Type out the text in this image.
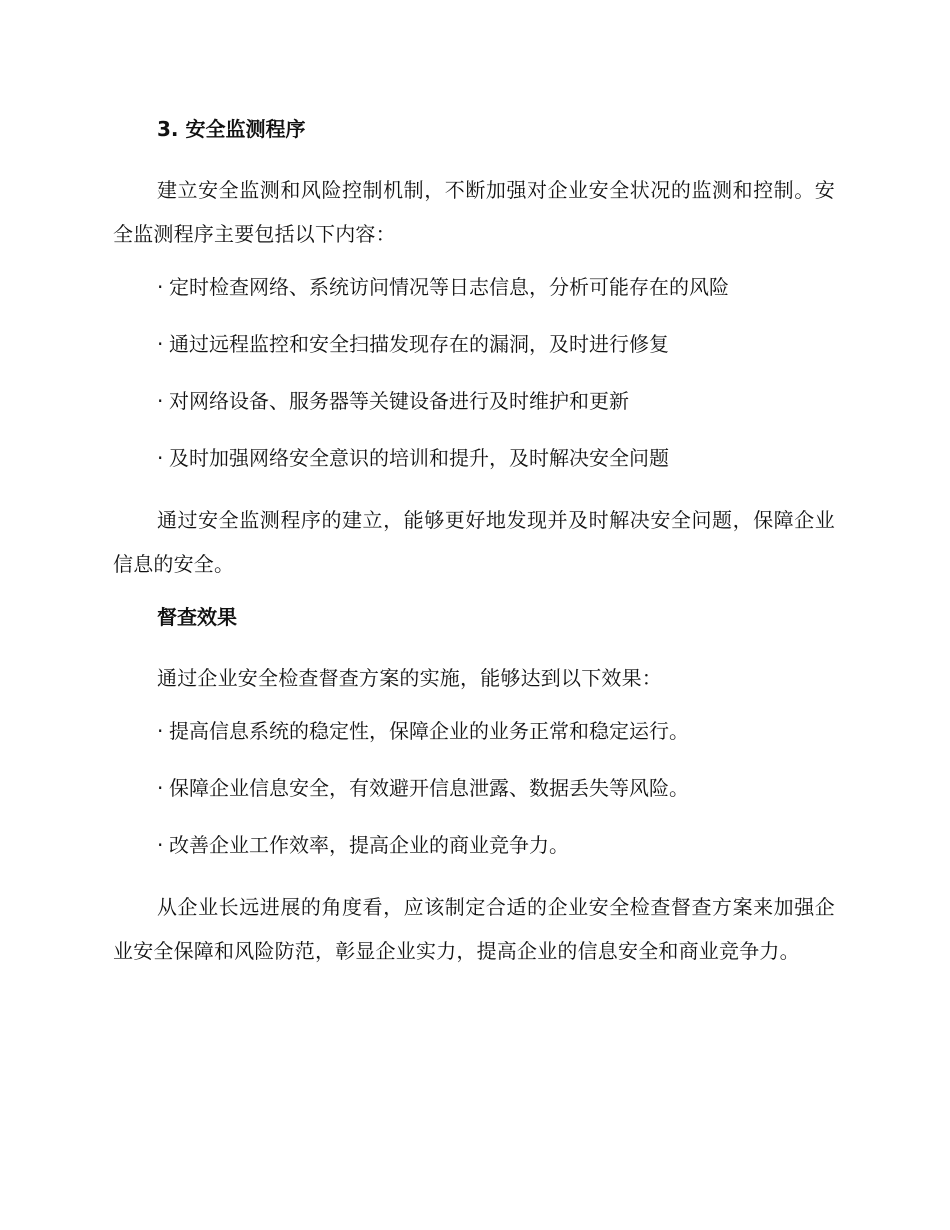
3. 安全监测程序

建立安全监测和风险控制机制，不断加强对企业安全状况的监测和控制。安全监测程序主要包括以下内容：

· 定时检查网络、系统访问情况等日志信息，分析可能存在的风险
· 通过远程监控和安全扫描发现存在的漏洞，及时进行修复
· 对网络设备、服务器等关键设备进行及时维护和更新
· 及时加强网络安全意识的培训和提升，及时解决安全问题

通过安全监测程序的建立，能够更好地发现并及时解决安全问题，保障企业信息的安全。

督查效果

通过企业安全检查督查方案的实施，能够达到以下效果：

· 提高信息系统的稳定性，保障企业的业务正常和稳定运行。
· 保障企业信息安全，有效避开信息泄露、数据丢失等风险。
· 改善企业工作效率，提高企业的商业竞争力。

从企业长远进展的角度看，应该制定合适的企业安全检查督查方案来加强企业安全保障和风险防范，彰显企业实力，提高企业的信息安全和商业竞争力。
